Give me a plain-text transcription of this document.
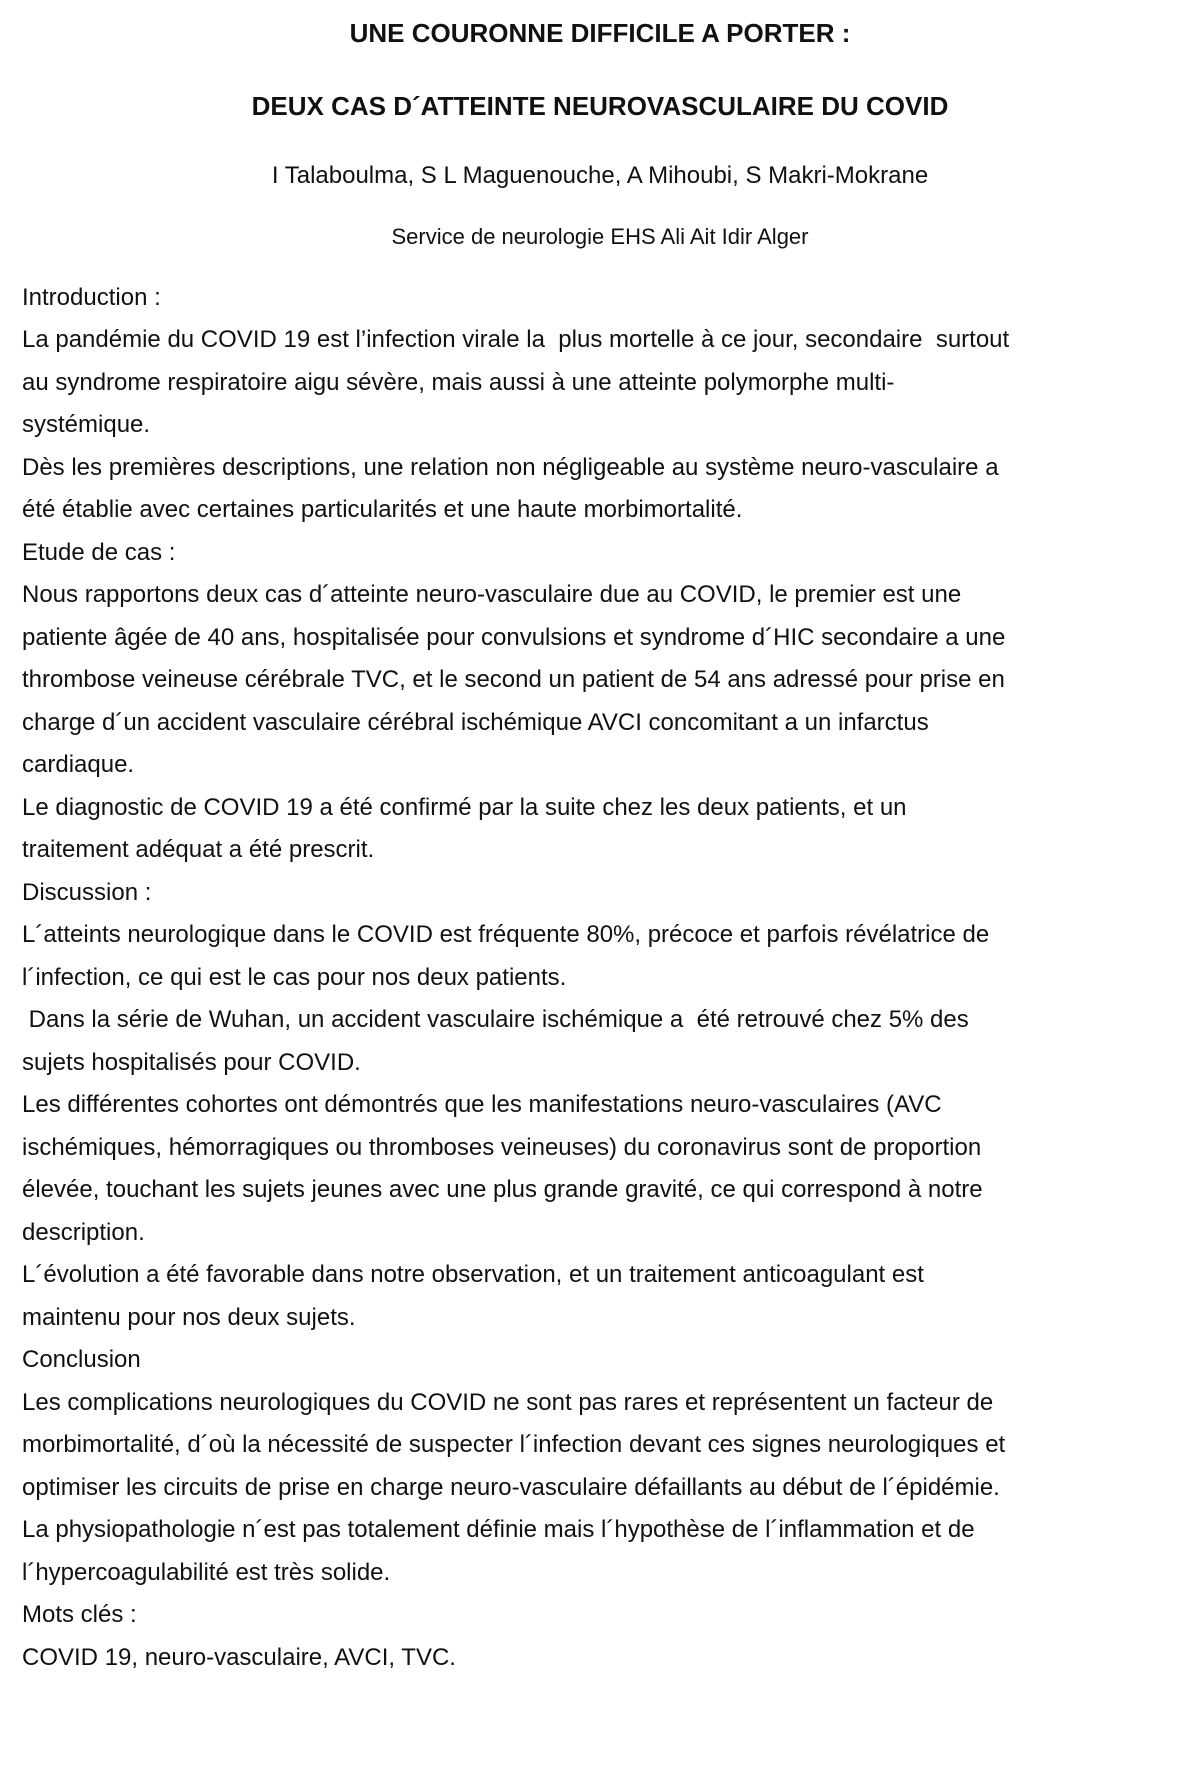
UNE COURONNE DIFFICILE A PORTER :
DEUX CAS D´ATTEINTE NEUROVASCULAIRE DU COVID
I Talaboulma, S L Maguenouche, A Mihoubi, S Makri-Mokrane
Service de neurologie EHS Ali Ait Idir Alger
Introduction :
La pandémie du COVID 19 est l’infection virale la  plus mortelle à ce jour, secondaire  surtout
au syndrome respiratoire aigu sévère, mais aussi à une atteinte polymorphe multi-
systémique.
Dès les premières descriptions, une relation non négligeable au système neuro-vasculaire a
été établie avec certaines particularités et une haute morbimortalité.
Etude de cas :
Nous rapportons deux cas d´atteinte neuro-vasculaire due au COVID, le premier est une
patiente âgée de 40 ans, hospitalisée pour convulsions et syndrome d´HIC secondaire a une
thrombose veineuse cérébrale TVC, et le second un patient de 54 ans adressé pour prise en
charge d´un accident vasculaire cérébral ischémique AVCI concomitant a un infarctus
cardiaque.
Le diagnostic de COVID 19 a été confirmé par la suite chez les deux patients, et un
traitement adéquat a été prescrit.
Discussion :
L´atteints neurologique dans le COVID est fréquente 80%, précoce et parfois révélatrice de
l´infection, ce qui est le cas pour nos deux patients.
Dans la série de Wuhan, un accident vasculaire ischémique a  été retrouvé chez 5% des
sujets hospitalisés pour COVID.
Les différentes cohortes ont démontrés que les manifestations neuro-vasculaires (AVC
ischémiques, hémorragiques ou thromboses veineuses) du coronavirus sont de proportion
élevée, touchant les sujets jeunes avec une plus grande gravité, ce qui correspond à notre
description.
L´évolution a été favorable dans notre observation, et un traitement anticoagulant est
maintenu pour nos deux sujets.
Conclusion
Les complications neurologiques du COVID ne sont pas rares et représentent un facteur de
morbimortalité, d´où la nécessité de suspecter l´infection devant ces signes neurologiques et
optimiser les circuits de prise en charge neuro-vasculaire défaillants au début de l´épidémie.
La physiopathologie n´est pas totalement définie mais l´hypothèse de l´inflammation et de
l´hypercoagulabilité est très solide.
Mots clés :
COVID 19, neuro-vasculaire, AVCI, TVC.
